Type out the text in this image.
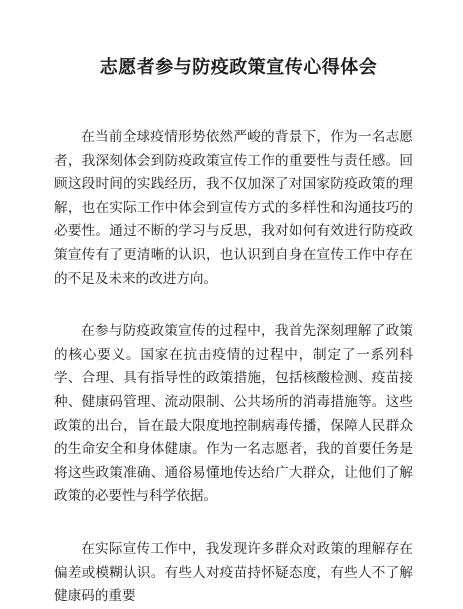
志愿者参与防疫政策宣传心得体会

在当前全球疫情形势依然严峻的背景下，作为一名志愿者，我深刻体会到防疫政策宣传工作的重要性与责任感。回顾这段时间的实践经历，我不仅加深了对国家防疫政策的理解，也在实际工作中体会到宣传方式的多样性和沟通技巧的必要性。通过不断的学习与反思，我对如何有效进行防疫政策宣传有了更清晰的认识，也认识到自身在宣传工作中存在的不足及未来的改进方向。

在参与防疫政策宣传的过程中，我首先深刻理解了政策的核心要义。国家在抗击疫情的过程中，制定了一系列科学、合理、具有指导性的政策措施，包括核酸检测、疫苗接种、健康码管理、流动限制、公共场所的消毒措施等。这些政策的出台，旨在最大限度地控制病毒传播，保障人民群众的生命安全和身体健康。作为一名志愿者，我的首要任务是将这些政策准确、通俗易懂地传达给广大群众，让他们了解政策的必要性与科学依据。

在实际宣传工作中，我发现许多群众对政策的理解存在偏差或模糊认识。有些人对疫苗持怀疑态度，有些人不了解健康码的重要
